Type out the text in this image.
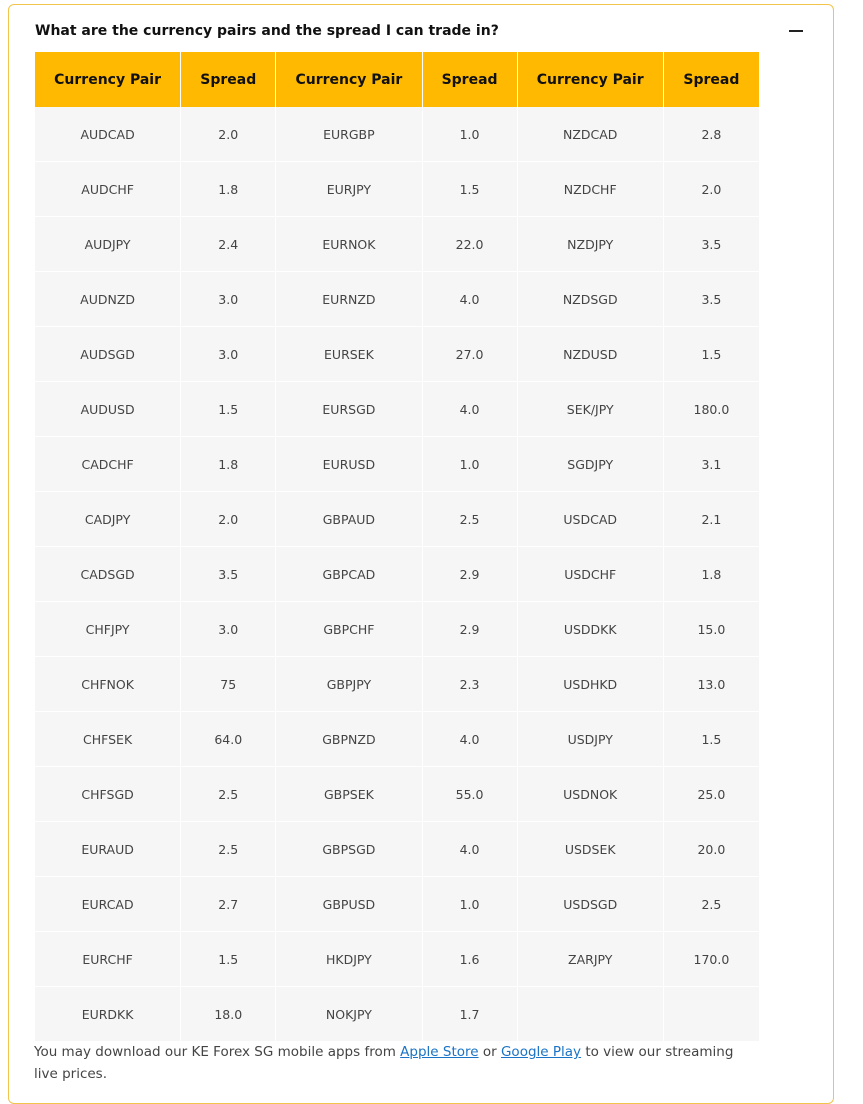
What are the currency pairs and the spread I can trade in?
Currency Pair	Spread	Currency Pair	Spread	Currency Pair	Spread
AUDCAD	2.0	EURGBP	1.0	NZDCAD	2.8
AUDCHF	1.8	EURJPY	1.5	NZDCHF	2.0
AUDJPY	2.4	EURNOK	22.0	NZDJPY	3.5
AUDNZD	3.0	EURNZD	4.0	NZDSGD	3.5
AUDSGD	3.0	EURSEK	27.0	NZDUSD	1.5
AUDUSD	1.5	EURSGD	4.0	SEK/JPY	180.0
CADCHF	1.8	EURUSD	1.0	SGDJPY	3.1
CADJPY	2.0	GBPAUD	2.5	USDCAD	2.1
CADSGD	3.5	GBPCAD	2.9	USDCHF	1.8
CHFJPY	3.0	GBPCHF	2.9	USDDKK	15.0
CHFNOK	75	GBPJPY	2.3	USDHKD	13.0
CHFSEK	64.0	GBPNZD	4.0	USDJPY	1.5
CHFSGD	2.5	GBPSEK	55.0	USDNOK	25.0
EURAUD	2.5	GBPSGD	4.0	USDSEK	20.0
EURCAD	2.7	GBPUSD	1.0	USDSGD	2.5
EURCHF	1.5	HKDJPY	1.6	ZARJPY	170.0
EURDKK	18.0	NOKJPY	1.7		
You may download our KE Forex SG mobile apps from Apple Store or Google Play to view our streaming live prices.
